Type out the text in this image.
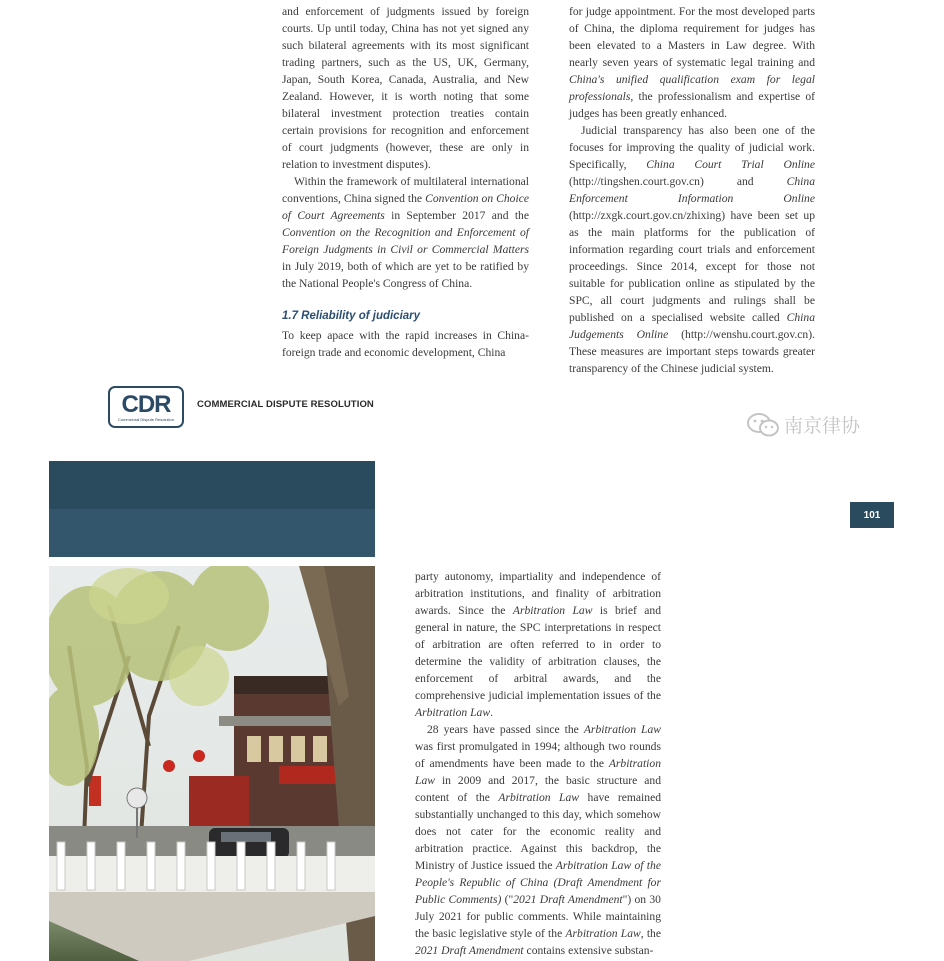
and enforcement of judgments issued by foreign courts. Up until today, China has not yet signed any such bilateral agreements with its most significant trading partners, such as the US, UK, Germany, Japan, South Korea, Canada, Australia, and New Zealand. However, it is worth noting that some bilateral investment protection treaties contain certain provisions for recognition and enforcement of court judgments (however, these are only in relation to investment disputes).

Within the framework of multilateral international conventions, China signed the Convention on Choice of Court Agreements in September 2017 and the Convention on the Recognition and Enforcement of Foreign Judgments in Civil or Commercial Matters in July 2019, both of which are yet to be ratified by the National People's Congress of China.

1.7 Reliability of judiciary

To keep apace with the rapid increases in China-foreign trade and economic development, China

for judge appointment. For the most developed parts of China, the diploma requirement for judges has been elevated to a Masters in Law degree. With nearly seven years of systematic legal training and China's unified qualification exam for legal professionals, the professionalism and expertise of judges has been greatly enhanced.

Judicial transparency has also been one of the focuses for improving the quality of judicial work. Specifically, China Court Trial Online (http://tingshen.court.gov.cn) and	China Enforcement Information Online (http://zxgk.court.gov.cn/zhixing) have been set up as the main platforms for the publication of information regarding court trials and enforcement proceedings. Since 2014, except for those not suitable for publication online as stipulated by the SPC, all court judgments and rulings shall be published on a specialised website called China Judgements Online (http://wenshu.court.gov.cn). These measures are important steps towards greater transparency of the Chinese judicial system.

CDR
Commercial Dispute Resolution
COMMERCIAL DISPUTE RESOLUTION
南京律协
101

party autonomy, impartiality and independence of arbitration institutions, and finality of arbitration awards. Since the Arbitration Law is brief and general in nature, the SPC interpretations in respect of arbitration are often referred to in order to determine the validity of arbitration clauses, the enforcement of arbitral awards, and the comprehensive judicial implementation issues of the Arbitration Law.

28 years have passed since the Arbitration Law was first promulgated in 1994; although two rounds of amendments have been made to the Arbitration Law in 2009 and 2017, the basic structure and content of the Arbitration Law have remained substantially unchanged to this day, which somehow does not cater for the economic reality and arbitration practice. Against this backdrop, the Ministry of Justice issued the Arbitration Law of the People's Republic of China (Draft Amendment for Public Comments) ("2021 Draft Amendment") on 30 July 2021 for public comments. While maintaining the basic legislative style of the Arbitration Law, the 2021 Draft Amendment contains extensive substan-
